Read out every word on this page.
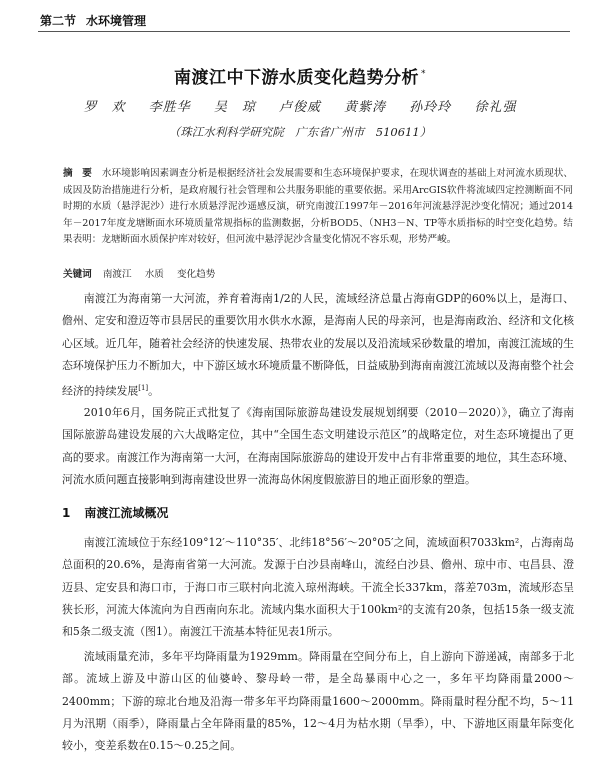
第二节 水环境管理
南渡江中下游水质变化趋势分析 *
罗　欢 李胜华 吴　琼 卢俊威 黄紫涛 孙玲玲 徐礼强
（珠江水利科学研究院　广东省广州市　510611）
摘　要 水环境影响因素调查分析是根据经济社会发展需要和生态环境保护要求，在现状调查的基础上对河流水质现状、成因及防治措施进行分析，是政府履行社会管理和公共服务职能的重要依据。采用ArcGIS软件将流域四定控测断面不同时期的水质（悬浮泥沙）进行水质悬浮泥沙遥感反演，研究南渡江1997年－2016年河流悬浮泥沙变化情况；通过2014年－2017年度龙塘断面水环境质量常规指标的监测数据，分析BOD5、（NH3－N、TP等水质指标的时空变化趋势。结果表明：龙塘断面水质保护库对较好，但河流中悬浮泥沙含量变化情况不容乐观，形势严峻。
关键词 南渡江 水质 变化趋势

南渡江为海南第一大河流，养育着海南1/2的人民，流域经济总量占海南GDP的60%以上，是海口、儋州、定安和澄迈等市县居民的重要饮用水供水水源，是海南人民的母亲河，也是海南政治、经济和文化核心区域。近几年，随着社会经济的快速发展、热带农业的发展以及沿流域采砂数量的增加，南渡江流域的生态环境保护压力不断加大，中下游区域水环境质量不断降低，日益威胁到海南南渡江流域以及海南整个社会经济的持续发展[1]。

2010年6月，国务院正式批复了《海南国际旅游岛建设发展规划纲要（2010－2020）》，确立了海南国际旅游岛建设发展的六大战略定位，其中“全国生态文明建设示范区”的战略定位，对生态环境提出了更高的要求。南渡江作为海南第一大河，在海南国际旅游岛的建设开发中占有非常重要的地位，其生态环境、河流水质问题直接影响到海南建设世界一流海岛休闲度假旅游目的地正面形象的塑造。

1 南渡江流域概况

南渡江流域位于东经109°12′～110°35′、北纬18°56′～20°05′之间，流域面积7033km²，占海南岛总面积的20.6%，是海南省第一大河流。发源于白沙县南峰山，流经白沙县、儋州、琼中市、屯昌县、澄迈县、定安县和海口市，于海口市三联村向北流入琼州海峡。干流全长337km，落差703m，流域形态呈狭长形，河流大体流向为自西南向东北。流域内集水面积大于100km²的支流有20条，包括15条一级支流和5条二级支流（图1）。南渡江干流基本特征见表1所示。

流域雨量充沛，多年平均降雨量为1929mm。降雨量在空间分布上，自上游向下游递减，南部多于北部。流域上游及中游山区的仙婆岭、黎母岭一带，是全岛暴雨中心之一，多年平均降雨量2000～2400mm；下游的琼北台地及沿海一带多年平均降雨量1600～2000mm。降雨量时程分配不均，5～11月为汛期（雨季），降雨量占全年降雨量的85%，12～4月为枯水期（旱季），中、下游地区雨量年际变化较小，变差系数在0.15～0.25之间。
